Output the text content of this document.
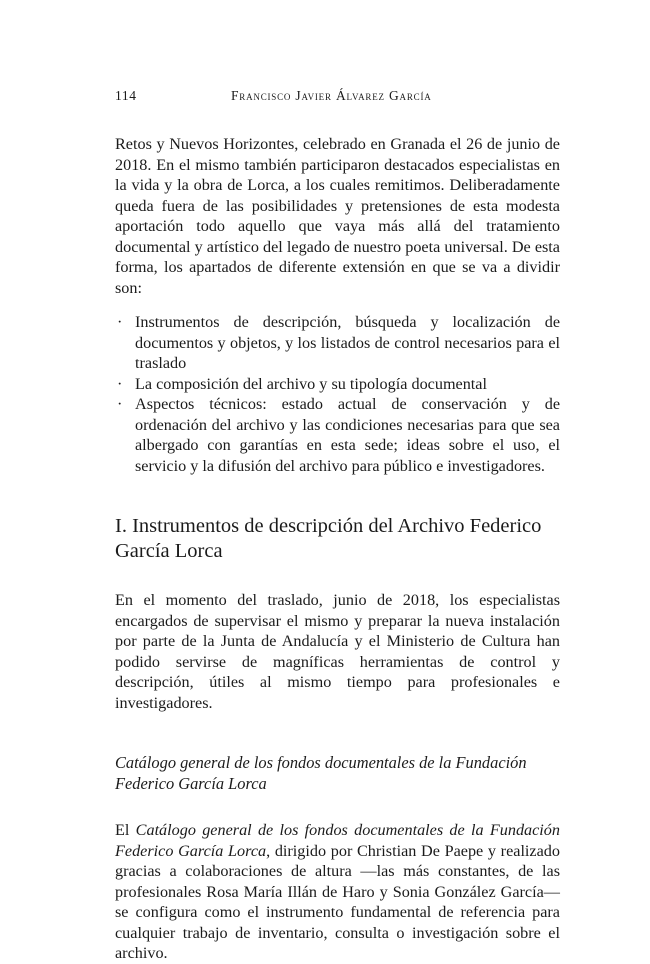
114	Francisco Javier Álvarez García

Retos y Nuevos Horizontes, celebrado en Granada el 26 de junio de 2018. En el mismo también participaron destacados especialistas en la vida y la obra de Lorca, a los cuales remitimos. Deliberadamente queda fuera de las posibilidades y pretensiones de esta modesta aportación todo aquello que vaya más allá del tratamiento documental y artístico del legado de nuestro poeta universal. De esta forma, los apartados de diferente extensión en que se va a dividir son:

· Instrumentos de descripción, búsqueda y localización de documentos y objetos, y los listados de control necesarios para el traslado
· La composición del archivo y su tipología documental
· Aspectos técnicos: estado actual de conservación y de ordenación del archivo y las condiciones necesarias para que sea albergado con garantías en esta sede; ideas sobre el uso, el servicio y la difusión del archivo para público e investigadores.
I. Instrumentos de descripción del Archivo Federico García Lorca

En el momento del traslado, junio de 2018, los especialistas encargados de supervisar el mismo y preparar la nueva instalación por parte de la Junta de Andalucía y el Ministerio de Cultura han podido servirse de magníficas herramientas de control y descripción, útiles al mismo tiempo para profesionales e investigadores.

Catálogo general de los fondos documentales de la Fundación Federico García Lorca

El Catálogo general de los fondos documentales de la Fundación Federico García Lorca, dirigido por Christian De Paepe y realizado gracias a colaboraciones de altura —las más constantes, de las profesionales Rosa María Illán de Haro y Sonia González García— se configura como el instrumento fundamental de referencia para cualquier trabajo de inventario, consulta o investigación sobre el archivo.
